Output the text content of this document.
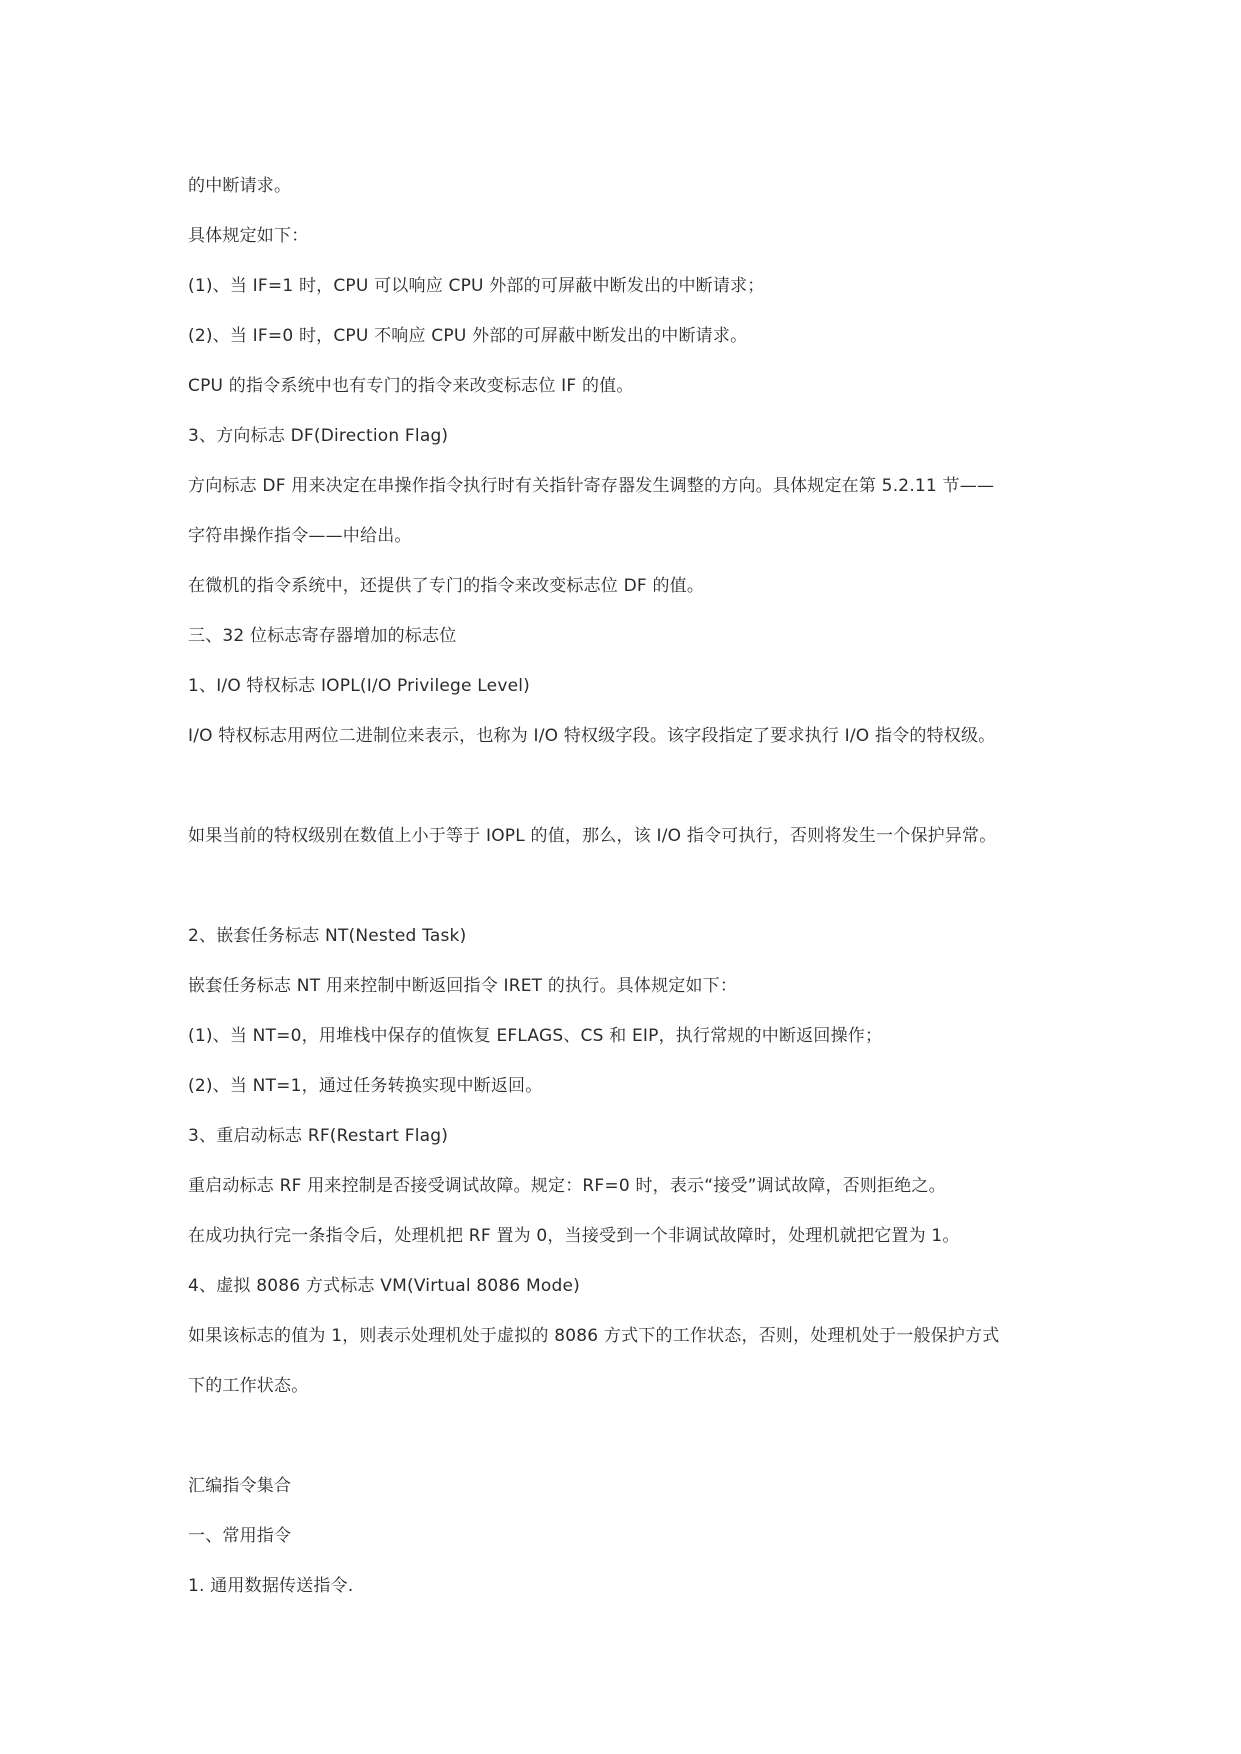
的中断请求。
具体规定如下：
(1)、当 IF=1 时，CPU 可以响应 CPU 外部的可屏蔽中断发出的中断请求；
(2)、当 IF=0 时，CPU 不响应 CPU 外部的可屏蔽中断发出的中断请求。
CPU 的指令系统中也有专门的指令来改变标志位 IF 的值。
3、方向标志 DF(Direction Flag)
方向标志 DF 用来决定在串操作指令执行时有关指针寄存器发生调整的方向。具体规定在第 5.2.11 节——
字符串操作指令——中给出。
在微机的指令系统中，还提供了专门的指令来改变标志位 DF 的值。
三、32 位标志寄存器增加的标志位
1、I/O 特权标志 IOPL(I/O Privilege Level)
I/O 特权标志用两位二进制位来表示，也称为 I/O 特权级字段。该字段指定了要求执行 I/O 指令的特权级。
如果当前的特权级别在数值上小于等于 IOPL 的值，那么，该 I/O 指令可执行，否则将发生一个保护异常。
2、嵌套任务标志 NT(Nested Task)
嵌套任务标志 NT 用来控制中断返回指令 IRET 的执行。具体规定如下：
(1)、当 NT=0，用堆栈中保存的值恢复 EFLAGS、CS 和 EIP，执行常规的中断返回操作；
(2)、当 NT=1，通过任务转换实现中断返回。
3、重启动标志 RF(Restart Flag)
重启动标志 RF 用来控制是否接受调试故障。规定：RF=0 时，表示“接受”调试故障，否则拒绝之。
在成功执行完一条指令后，处理机把 RF 置为 0，当接受到一个非调试故障时，处理机就把它置为 1。
4、虚拟 8086 方式标志 VM(Virtual 8086 Mode)
如果该标志的值为 1，则表示处理机处于虚拟的 8086 方式下的工作状态，否则，处理机处于一般保护方式
下的工作状态。
汇编指令集合
一、常用指令
1. 通用数据传送指令.
